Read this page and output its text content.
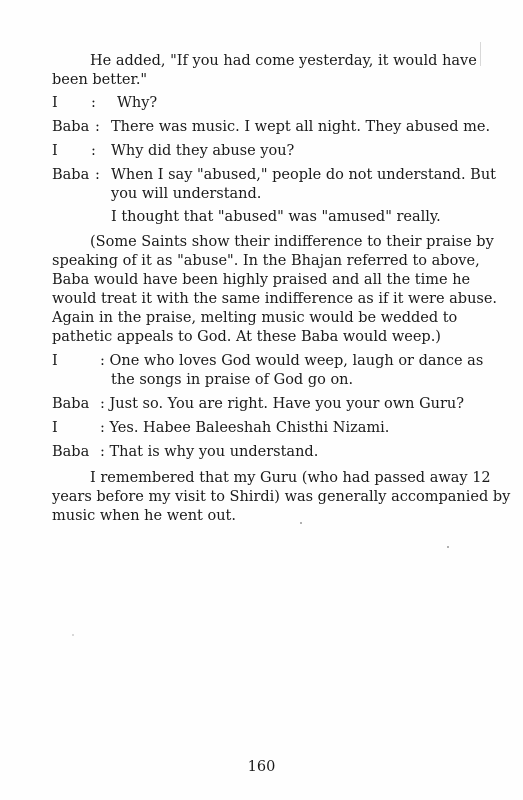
He added, "If you had come yesterday, it would have
been better."
I : Why?
Baba : There was music. I wept all night. They abused me.
I : Why did they abuse you?
Baba : When I say "abused," people do not understand. But
you will understand.
I thought that "abused" was "amused" really.
(Some Saints show their indifference to their praise by
speaking of it as "abuse". In the Bhajan referred to above,
Baba would have been highly praised and all the time he
would treat it with the same indifference as if it were abuse.
Again in the praise, melting music would be wedded to
pathetic appeals to God. At these Baba would weep.)
I	: One who loves God would weep, laugh or dance as
the songs in praise of God go on.
Baba : Just so. You are right. Have you your own Guru?
I	: Yes. Habee Baleeshah Chisthi Nizami.
Baba : That is why you understand.
I remembered that my Guru (who had passed away 12
years before my visit to Shirdi) was generally accompanied by
music when he went out.
160
